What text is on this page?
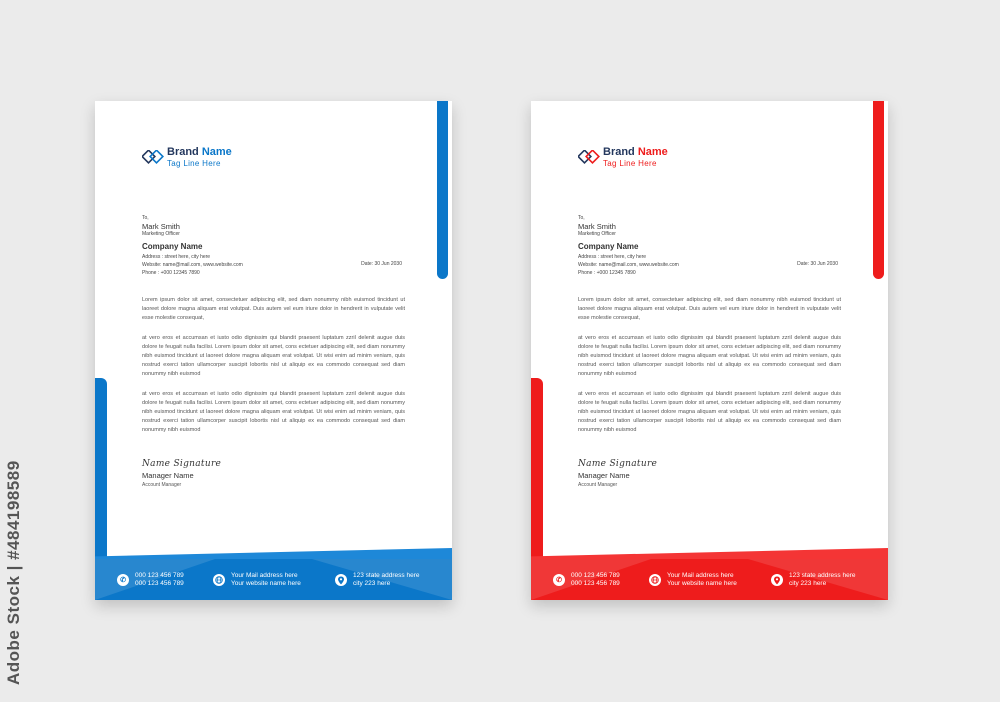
Adobe Stock | #484198589
Brand Name
Tag Line Here
To,
Mark Smith
Marketing Officer
Company Name
Address : street here, city here
Website: name@mail.com, www.website.com
Phone : +000 12345 7890
Date: 30 Jun 2030
Lorem ipsum dolor sit amet, consectetuer adipiscing elit, sed diam nonummy nibh euismod tincidunt ut laoreet dolore magna aliquam erat volutpat. Duis autem vel eum iriure dolor in hendrerit in vulputate velit esse molestie consequat,
at vero eros et accumsan et iusto odio dignissim qui blandit praesent luptatum zzril delenit augue duis dolore te feugait nulla facilisi. Lorem ipsum dolor sit amet, cons ectetuer adipiscing elit, sed diam nonummy nibh euismod tincidunt ut laoreet dolore magna aliquam erat volutpat. Ut wisi enim ad minim veniam, quis nostrud exerci tation ullamcorper suscipit lobortis nisl ut aliquip ex ea commodo consequat sed diam nonummy nibh euismod
at vero eros et accumsan et iusto odio dignissim qui blandit praesent luptatum zzril delenit augue duis dolore te feugait nulla facilisi. Lorem ipsum dolor sit amet, cons ectetuer adipiscing elit, sed diam nonummy nibh euismod tincidunt ut laoreet dolore magna aliquam erat volutpat. Ut wisi enim ad minim veniam, quis nostrud exerci tation ullamcorper suscipit lobortis nisl ut aliquip ex ea commodo consequat sed diam nonummy nibh euismod
Name Signature
Manager Name
Account Manager
✆
000 123 456 789
000 123 456 789
Your Mail address here
Your website name here
123 state address here
city 223 here
Brand Name
Tag Line Here
To,
Mark Smith
Marketing Officer
Company Name
Address : street here, city here
Website: name@mail.com, www.website.com
Phone : +000 12345 7890
Date: 30 Jun 2030
Lorem ipsum dolor sit amet, consectetuer adipiscing elit, sed diam nonummy nibh euismod tincidunt ut laoreet dolore magna aliquam erat volutpat. Duis autem vel eum iriure dolor in hendrerit in vulputate velit esse molestie consequat,
at vero eros et accumsan et iusto odio dignissim qui blandit praesent luptatum zzril delenit augue duis dolore te feugait nulla facilisi. Lorem ipsum dolor sit amet, cons ectetuer adipiscing elit, sed diam nonummy nibh euismod tincidunt ut laoreet dolore magna aliquam erat volutpat. Ut wisi enim ad minim veniam, quis nostrud exerci tation ullamcorper suscipit lobortis nisl ut aliquip ex ea commodo consequat sed diam nonummy nibh euismod
at vero eros et accumsan et iusto odio dignissim qui blandit praesent luptatum zzril delenit augue duis dolore te feugait nulla facilisi. Lorem ipsum dolor sit amet, cons ectetuer adipiscing elit, sed diam nonummy nibh euismod tincidunt ut laoreet dolore magna aliquam erat volutpat. Ut wisi enim ad minim veniam, quis nostrud exerci tation ullamcorper suscipit lobortis nisl ut aliquip ex ea commodo consequat sed diam nonummy nibh euismod
Name Signature
Manager Name
Account Manager
✆
000 123 456 789
000 123 456 789
Your Mail address here
Your website name here
123 state address here
city 223 here
